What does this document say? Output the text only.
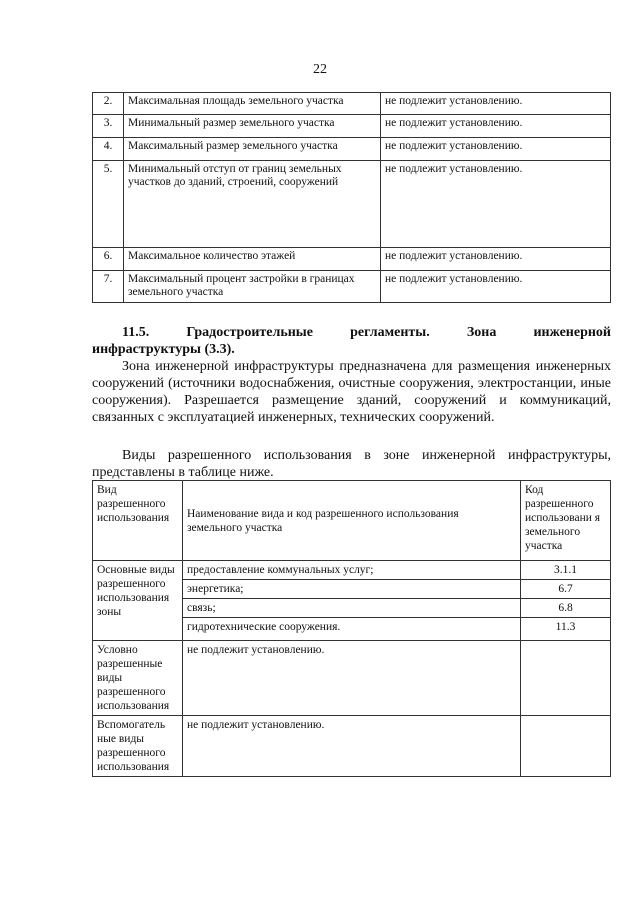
22
2.	Максимальная площадь земельного участка	не подлежит установлению.
3.	Минимальный размер земельного участка	не подлежит установлению.
4.	Максимальный размер земельного участка	не подлежит установлению.
5.	Минимальный отступ от границ земельных участков до зданий, строений, сооружений	не подлежит установлению.
6.	Максимальное количество этажей	не подлежит установлению.
7.	Максимальный процент застройки в границах земельного участка	не подлежит установлению.
11.5.	Градостроительные	регламенты.	Зона	инженерной
инфраструктуры (3.3).
Зона инженерной инфраструктуры предназначена для размещения инженерных сооружений (источники водоснабжения, очистные сооружения, электростанции, иные сооружения). Разрешается размещение зданий, сооружений и коммуникаций, связанных с эксплуатацией инженерных, технических сооружений.
Виды разрешенного использования в зоне инженерной инфраструктуры, представлены в таблице ниже.
Вид разрешенного использования	Наименование вида и код разрешенного использования земельного участка	Код разрешенного использовани я земельного участка
Основные виды разрешенного использования зоны	предоставление коммунальных услуг;	3.1.1
	энергетика;	6.7
	связь;	6.8
	гидротехнические сооружения.	11.3
Условно разрешенные виды разрешенного использования	не подлежит установлению.	
Вспомогатель ные виды разрешенного использования	не подлежит установлению.	
